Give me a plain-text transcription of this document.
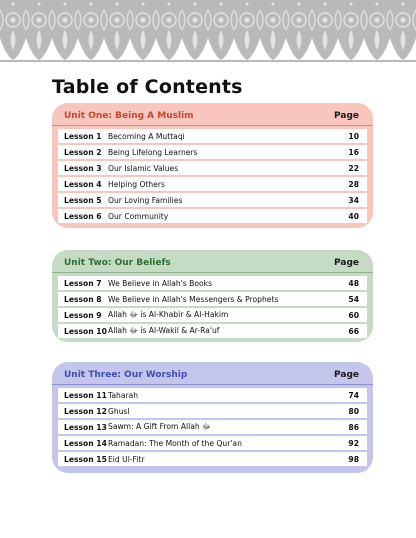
Table of Contents
Unit One: Being A Muslim	Page
Lesson 1 Becoming A Muttaqi	10
Lesson 2 Being Lifelong Learners	16
Lesson 3 Our Islamic Values	22
Lesson 4 Helping Others	28
Lesson 5 Our Loving Families	34
Lesson 6 Our Community	40
Unit Two: Our Beliefs	Page
Lesson 7 We Believe in Allah's Books	48
Lesson 8 We Believe in Allah's Messengers & Prophets	54
Lesson 9 Allah ﷻ is Al-Khabir & Al-Hakim	60
Lesson 10 Allah ﷻ is Al-Wakil & Ar-Ra'uf	66
Unit Three: Our Worship	Page
Lesson 11 Taharah	74
Lesson 12 Ghusl	80
Lesson 13 Sawm: A Gift From Allah ﷻ	86
Lesson 14 Ramadan: The Month of the Qur'an	92
Lesson 15 Eid Ul-Fitr	98
